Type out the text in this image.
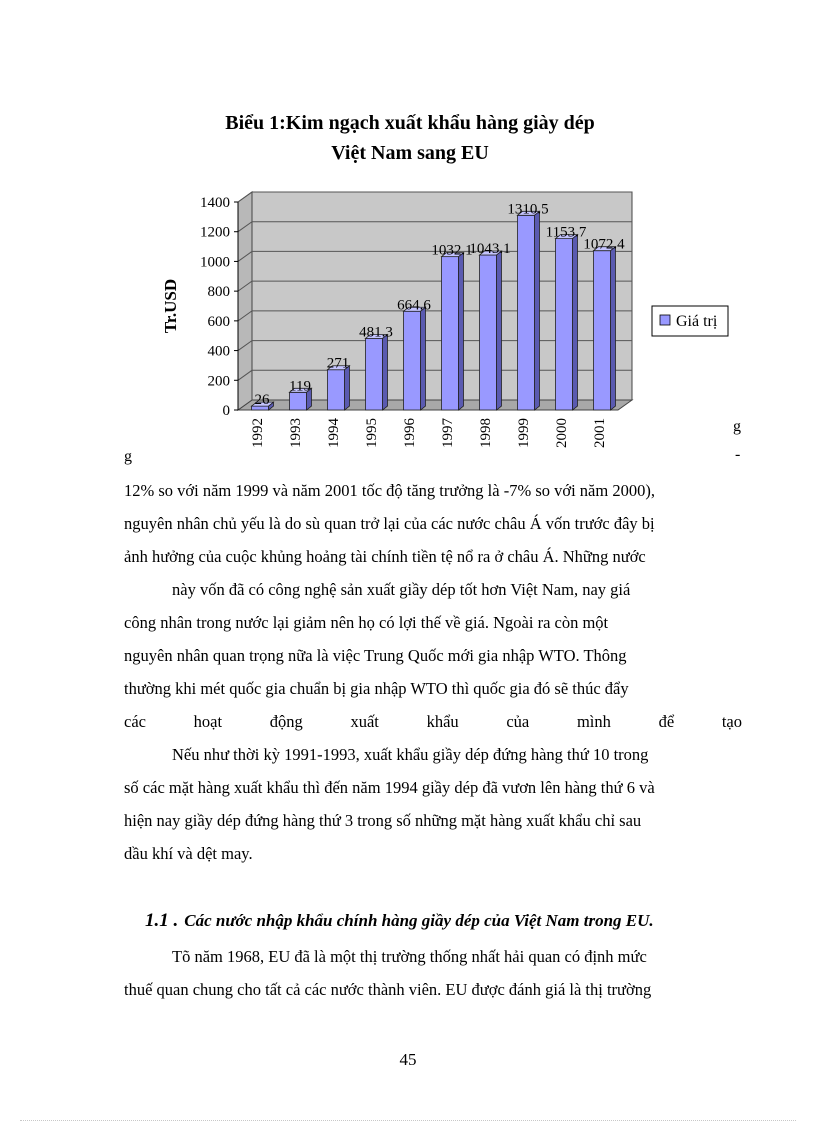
Biểu 1:Kim ngạch xuất khẩu hàng giày dép
Việt Nam sang EU
0
200
400
600
800
1000
1200
1400
Tr.USD
26
1992
119
1993
271
1994
481.3
1995
664.6
1996
1032.1
1997
1043.1
1998
1310.5
1999
1153.7
2000
1072.4
2001
Giá trị
g
g
-
12% so với năm 1999 và năm 2001 tốc độ tăng trưởng là -7% so với năm 2000),
nguyên nhân chủ yếu là do sù quan trở lại của các nước châu Á vốn trước đây bị
ảnh hưởng của cuộc khủng hoảng tài chính tiền tệ nổ ra ở châu Á. Những nước
này vốn đã có công nghệ sản xuất giầy dép tốt hơn Việt Nam, nay giá
công nhân trong nước lại giảm nên họ có lợi thế về giá. Ngoài ra còn một
nguyên nhân quan trọng nữa là việc Trung Quốc mới gia nhập WTO. Thông
thường khi mét quốc gia chuẩn bị gia nhập WTO thì quốc gia đó sẽ thúc đẩy
các hoạt động xuất khẩu của mình để tạo
Nếu như thời kỳ 1991-1993, xuất khẩu giầy dép đứng hàng thứ 10 trong
số các mặt hàng xuất khẩu thì đến năm 1994 giầy dép đã vươn lên hàng thứ 6 và
hiện nay giầy dép đứng hàng thứ 3 trong số những mặt hàng xuất khẩu chỉ sau
dầu khí và dệt may.
1.1 . Các nước nhập khẩu chính hàng giầy dép của Việt Nam trong EU.
Tõ năm 1968, EU đã là một thị trường thống nhất hải quan có định mức
thuế quan chung cho tất cả các nước thành viên. EU được đánh giá là thị trường
45
